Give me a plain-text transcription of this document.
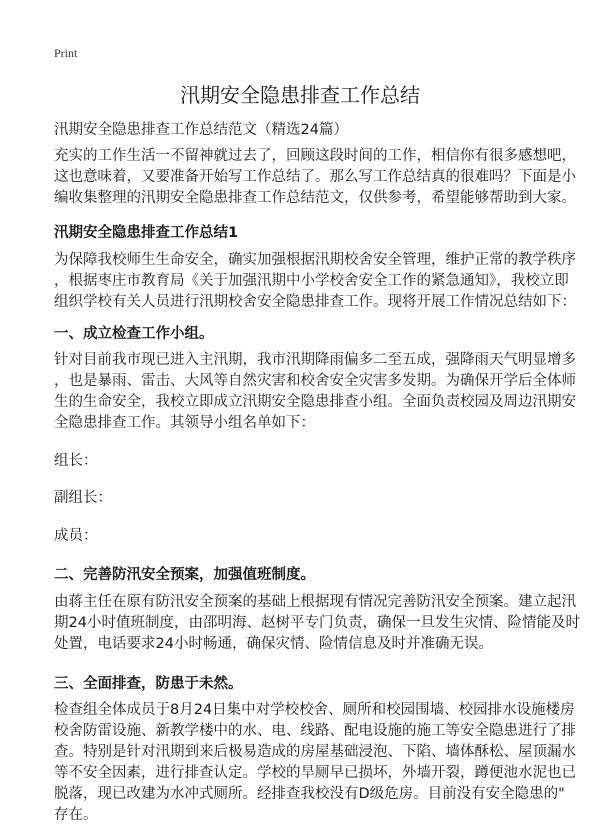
Print
汛期安全隐患排查工作总结
汛期安全隐患排查工作总结范文（精选24篇）
充实的工作生活一不留神就过去了，回顾这段时间的工作，相信你有很多感想吧，
这也意味着，又要准备开始写工作总结了。那么写工作总结真的很难吗？下面是小
编收集整理的汛期安全隐患排查工作总结范文，仅供参考，希望能够帮助到大家。
汛期安全隐患排查工作总结1
为保障我校师生生命安全，确实加强根据汛期校舍安全管理，维护正常的教学秩序
，根据枣庄市教育局《关于加强汛期中小学校舍安全工作的紧急通知》，我校立即
组织学校有关人员进行汛期校舍安全隐患排查工作。现将开展工作情况总结如下：
一、成立检查工作小组。
针对目前我市现已进入主汛期，我市汛期降雨偏多二至五成，强降雨天气明显增多
，也是暴雨、雷击、大风等自然灾害和校舍安全灾害多发期。为确保开学后全体师
生的生命安全，我校立即成立汛期安全隐患排查小组。全面负责校园及周边汛期安
全隐患排查工作。其领导小组名单如下：
组长：
副组长：
成员：
二、完善防汛安全预案，加强值班制度。
由蒋主任在原有防汛安全预案的基础上根据现有情况完善防汛安全预案。建立起汛
期24小时值班制度，由邵明海、赵树平专门负责，确保一旦发生灾情、险情能及时
处置，电话要求24小时畅通，确保灾情、险情信息及时并准确无误。
三、全面排查，防患于未然。
检查组全体成员于8月24日集中对学校校舍、厕所和校园围墙、校园排水设施楼房
校舍防雷设施、新教学楼中的水、电、线路、配电设施的施工等安全隐患进行了排
查。特别是针对汛期到来后极易造成的房屋基础浸泡、下陷、墙体酥松、屋顶漏水
等不安全因素，进行排查认定。学校的旱厕早已损坏，外墙开裂，蹲便池水泥也已
脱落，现已改建为水冲式厕所。经排查我校没有D级危房。目前没有安全隐患的"
存在。
